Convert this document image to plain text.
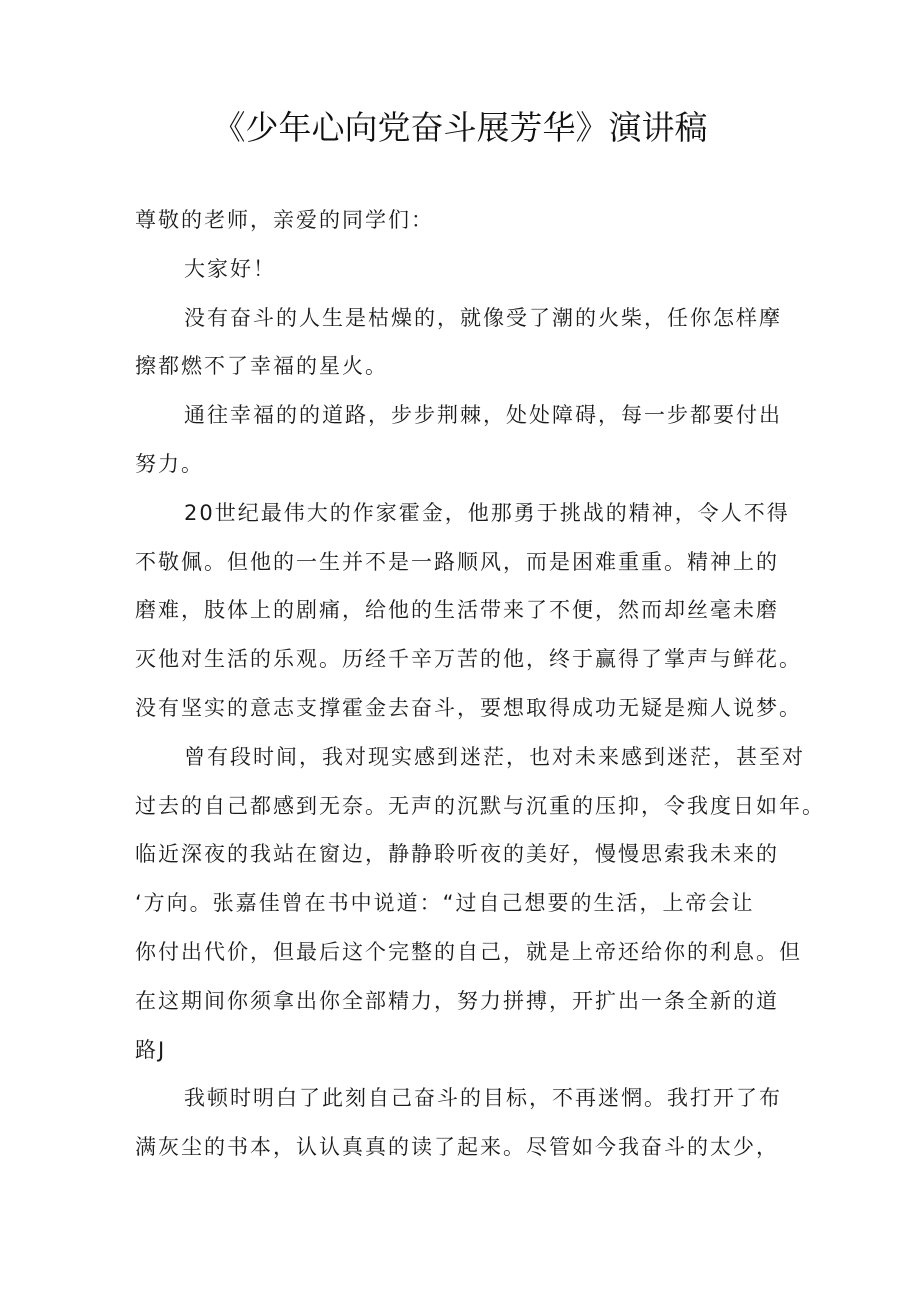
《少年心向党奋斗展芳华》演讲稿
尊敬的老师，亲爱的同学们：
大家好！
没有奋斗的人生是枯燥的，就像受了潮的火柴，任你怎样摩
擦都燃不了幸福的星火。
通往幸福的的道路，步步荆棘，处处障碍，每一步都要付出
努力。
20世纪最伟大的作家霍金，他那勇于挑战的精神，令人不得
不敬佩。但他的一生并不是一路顺风，而是困难重重。精神上的
磨难，肢体上的剧痛，给他的生活带来了不便，然而却丝毫未磨
灭他对生活的乐观。历经千辛万苦的他，终于赢得了掌声与鲜花。
没有坚实的意志支撑霍金去奋斗，要想取得成功无疑是痴人说梦。
曾有段时间，我对现实感到迷茫，也对未来感到迷茫，甚至对
过去的自己都感到无奈。无声的沉默与沉重的压抑，令我度日如年。
临近深夜的我站在窗边，静静聆听夜的美好，慢慢思索我未来的
‘方向。张嘉佳曾在书中说道：“过自己想要的生活，上帝会让
你付出代价，但最后这个完整的自己，就是上帝还给你的利息。但
在这期间你须拿出你全部精力，努力拼搏，开扩出一条全新的道
路J
我顿时明白了此刻自己奋斗的目标，不再迷惘。我打开了布
满灰尘的书本，认认真真的读了起来。尽管如今我奋斗的太少，
